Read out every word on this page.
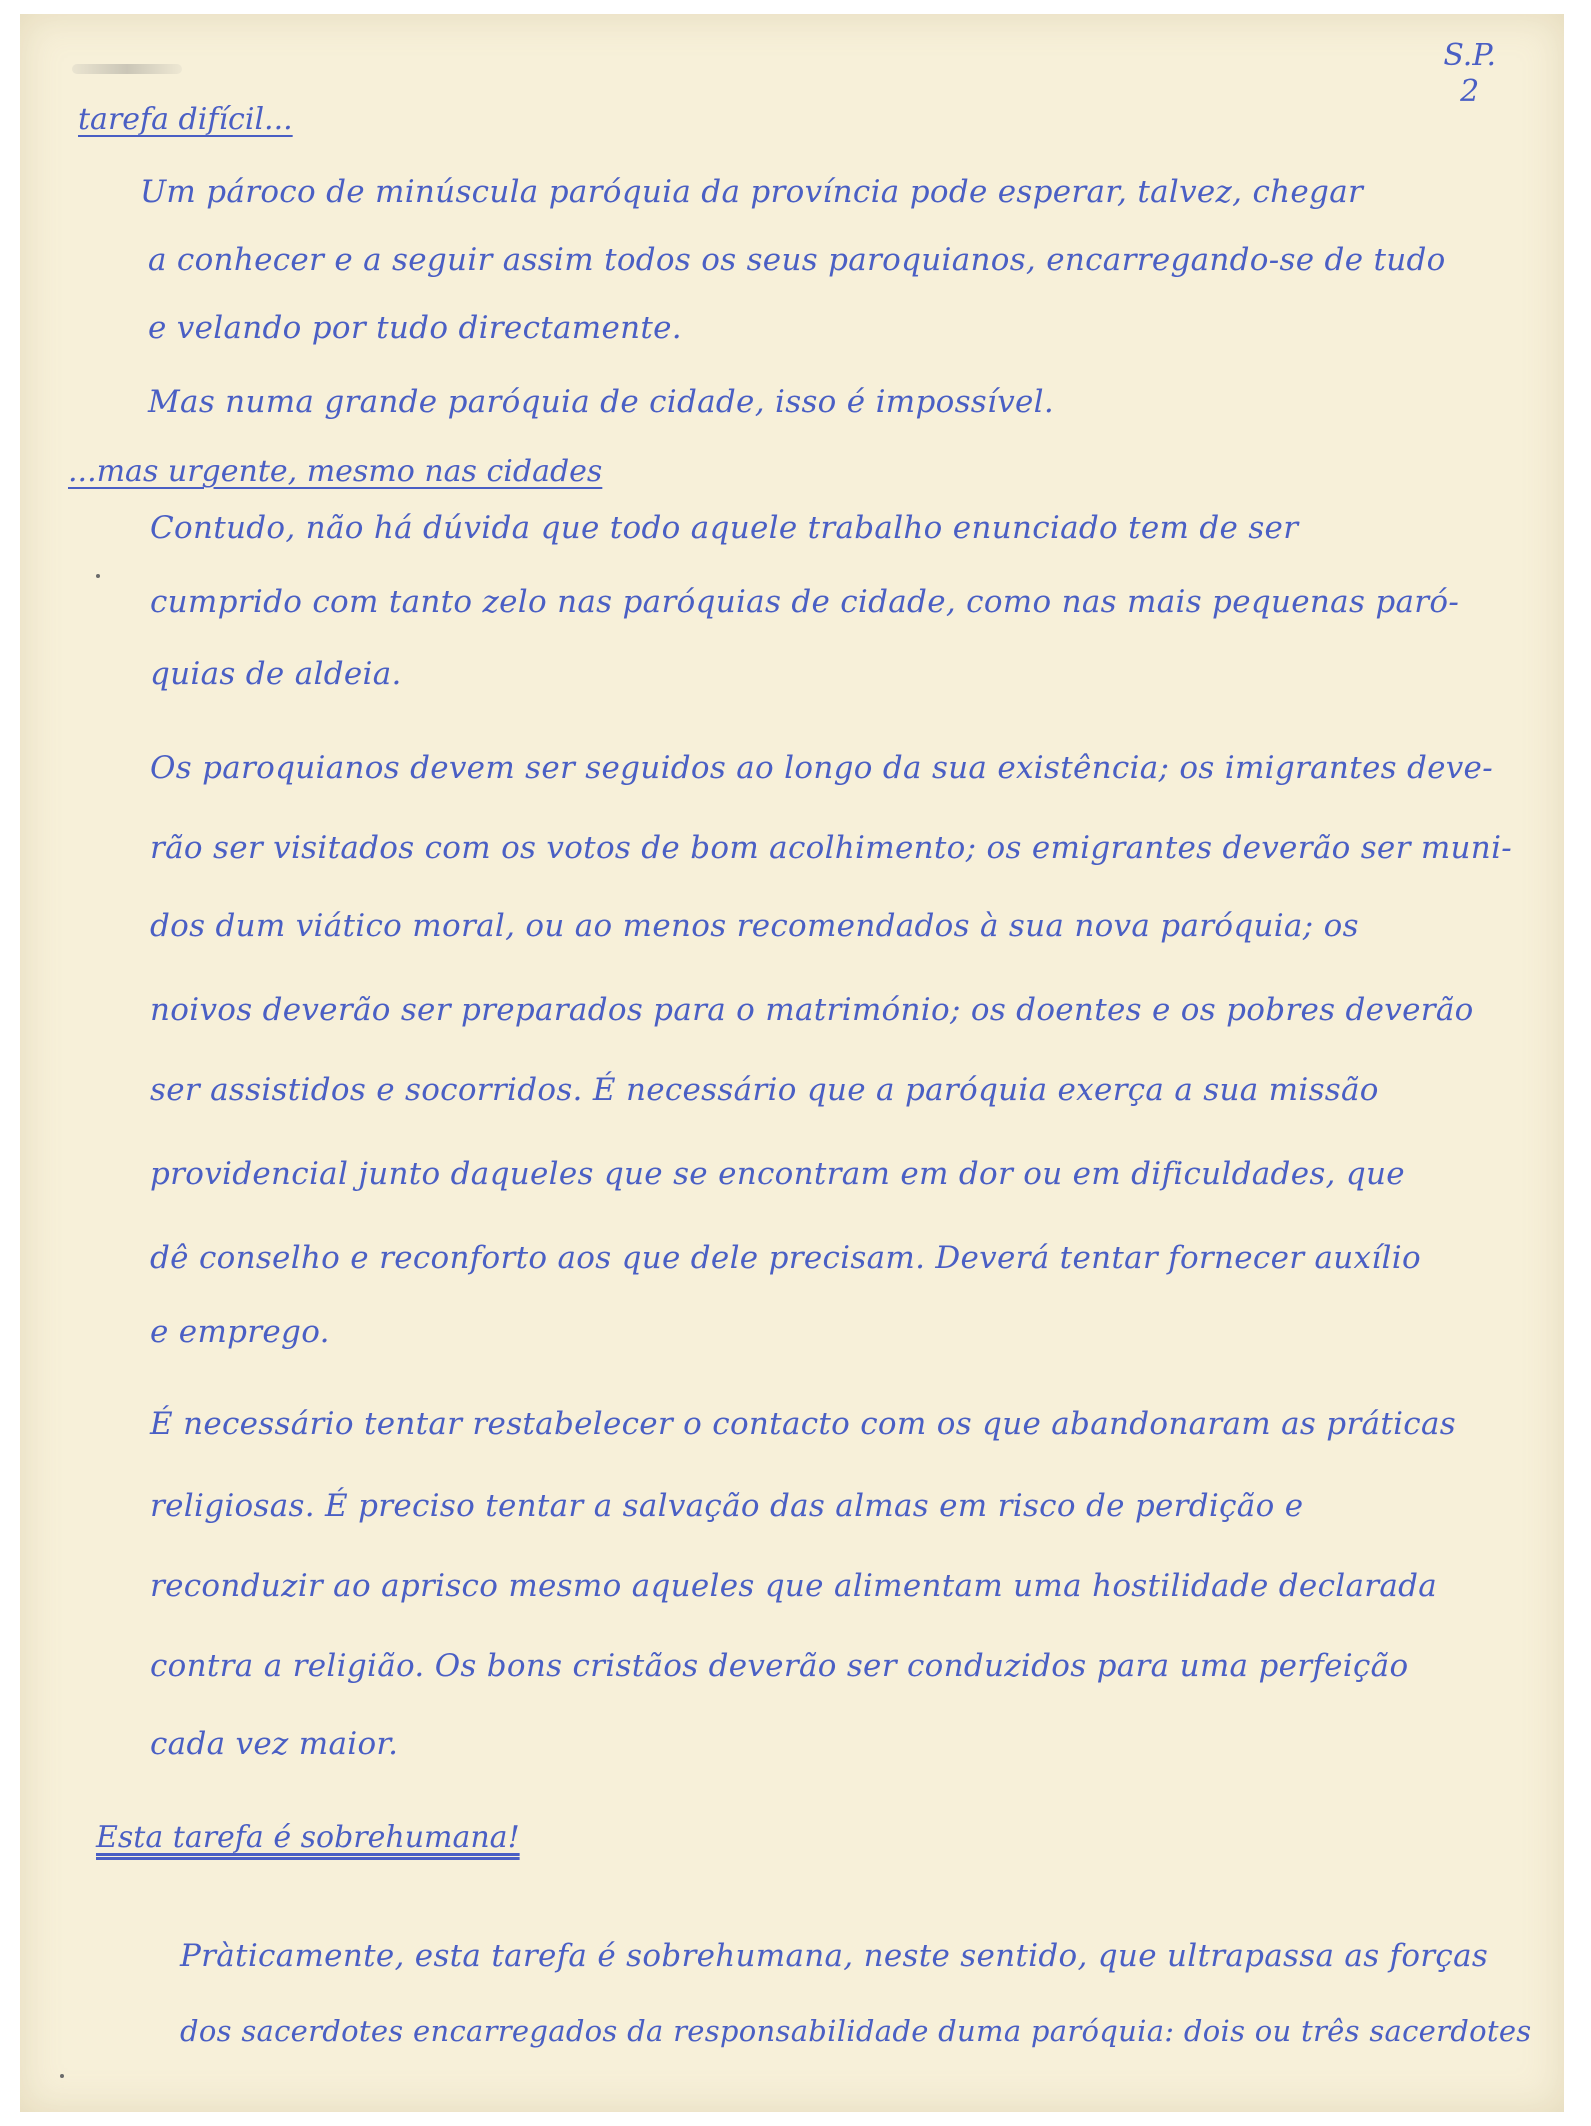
S.P.
2
tarefa difícil...
Um pároco de minúscula paróquia da província pode esperar, talvez, chegar
a conhecer e a seguir assim todos os seus paroquianos, encarregando-se de tudo
e velando por tudo directamente.
Mas numa grande paróquia de cidade, isso é impossível.
...mas urgente, mesmo nas cidades
Contudo, não há dúvida que todo aquele trabalho enunciado tem de ser
cumprido com tanto zelo nas paróquias de cidade, como nas mais pequenas paró-
quias de aldeia.
Os paroquianos devem ser seguidos ao longo da sua existência; os imigrantes deve-
rão ser visitados com os votos de bom acolhimento; os emigrantes deverão ser muni-
dos dum viático moral, ou ao menos recomendados à sua nova paróquia; os
noivos deverão ser preparados para o matrimónio; os doentes e os pobres deverão
ser assistidos e socorridos. É necessário que a paróquia exerça a sua missão
providencial junto daqueles que se encontram em dor ou em dificuldades, que
dê conselho e reconforto aos que dele precisam. Deverá tentar fornecer auxílio
e emprego.
É necessário tentar restabelecer o contacto com os que abandonaram as práticas
religiosas. É preciso tentar a salvação das almas em risco de perdição e
reconduzir ao aprisco mesmo aqueles que alimentam uma hostilidade declarada
contra a religião. Os bons cristãos deverão ser conduzidos para uma perfeição
cada vez maior.
Esta tarefa é sobrehumana!
Pràticamente, esta tarefa é sobrehumana, neste sentido, que ultrapassa as forças
dos sacerdotes encarregados da responsabilidade duma paróquia: dois ou três sacerdotes
